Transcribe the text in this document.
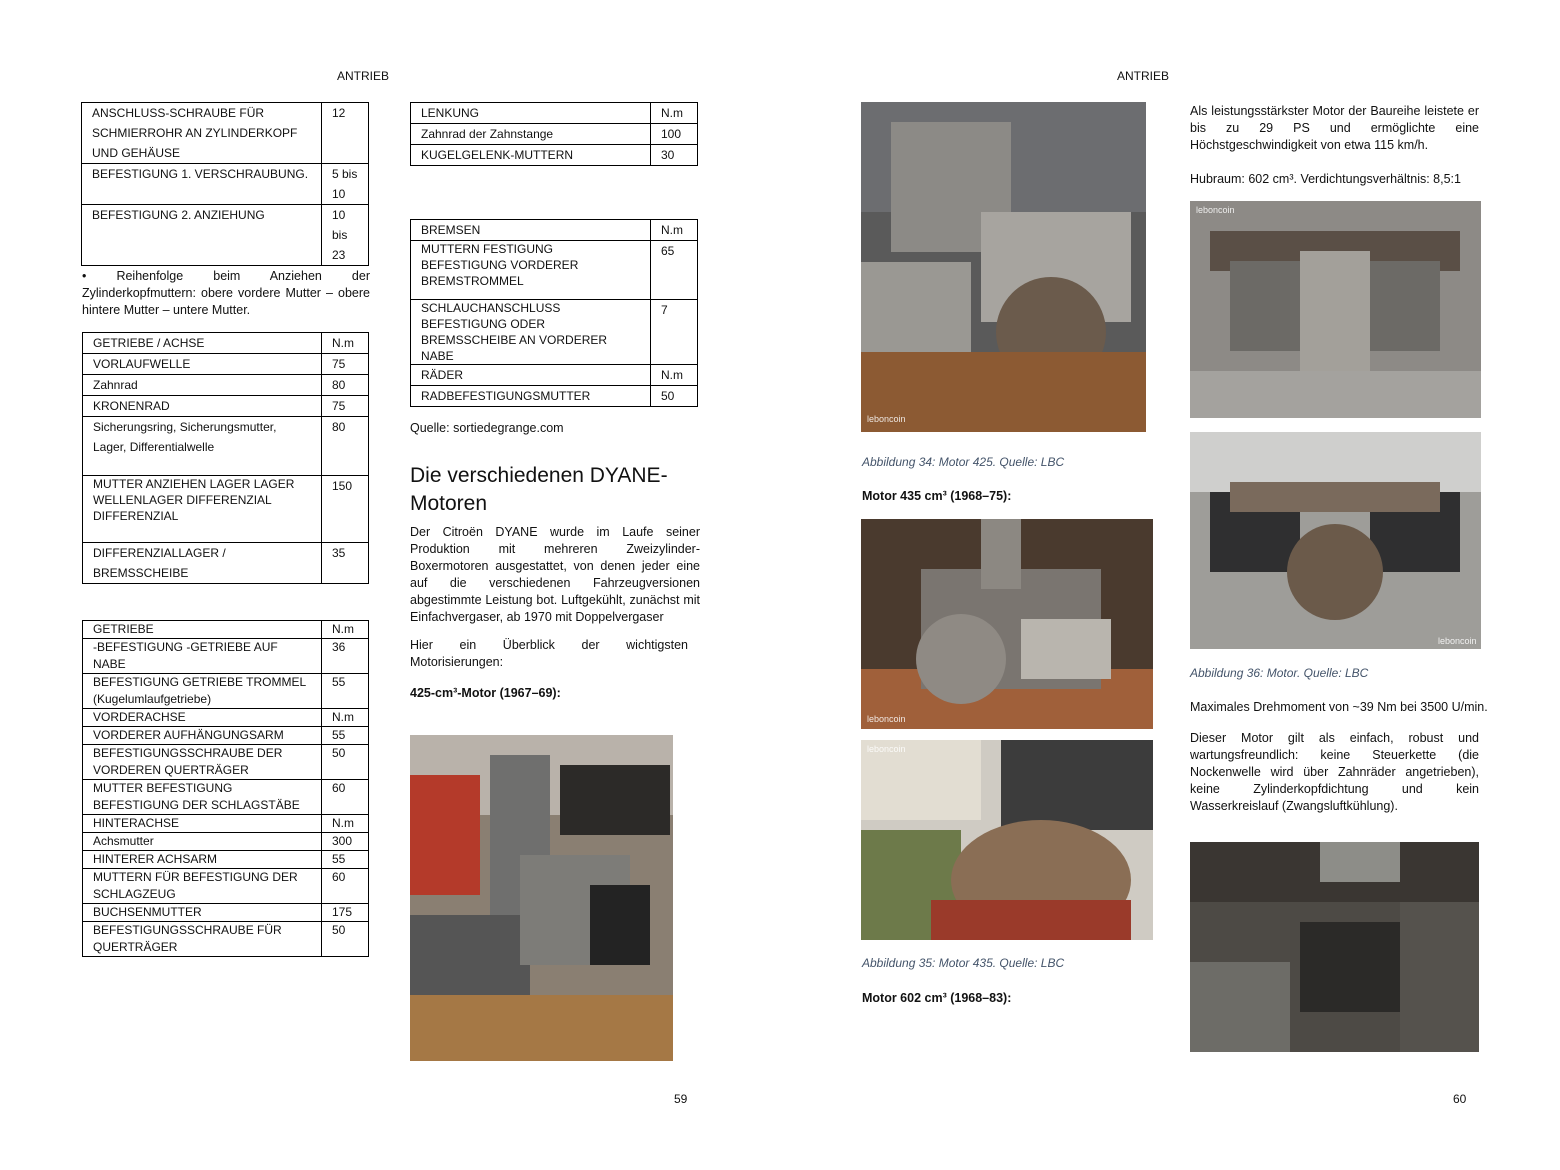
ANTRIEB	ANTRIEB
59	60
ANSCHLUSS-SCHRAUBE FÜR SCHMIERROHR AN ZYLINDERKOPF UND GEHÄUSE	12
BEFESTIGUNG 1. VERSCHRAUBUNG.	5 bis 10
BEFESTIGUNG 2. ANZIEHUNG	10 bis 23
• Reihenfolge beim Anziehen der Zylinderkopfmuttern: obere vordere Mutter – obere hintere Mutter – untere Mutter.
GETRIEBE / ACHSE	N.m
VORLAUFWELLE	75
Zahnrad	80
KRONENRAD	75
Sicherungsring, Sicherungsmutter, Lager, Differentialwelle	80
MUTTER ANZIEHEN LAGER LAGER WELLENLAGER DIFFERENZIAL DIFFERENZIAL	150
DIFFERENZIALLAGER / BREMSSCHEIBE	35
GETRIEBE	N.m
-BEFESTIGUNG -GETRIEBE AUF NABE	36
BEFESTIGUNG GETRIEBE TROMMEL (Kugelumlaufgetriebe)	55
VORDERACHSE	N.m
VORDERER AUFHÄNGUNGSARM	55
BEFESTIGUNGSSCHRAUBE DER VORDEREN QUERTRÄGER	50
MUTTER BEFESTIGUNG BEFESTIGUNG DER SCHLAGSTÄBE	60
HINTERACHSE	N.m
Achsmutter	300
HINTERER ACHSARM	55
MUTTERN FÜR BEFESTIGUNG DER SCHLAGZEUG	60
BUCHSENMUTTER	175
BEFESTIGUNGSSCHRAUBE FÜR QUERTRÄGER	50
LENKUNG	N.m
Zahnrad der Zahnstange	100
KUGELGELENK-MUTTERN	30
BREMSEN	N.m
MUTTERN FESTIGUNG BEFESTIGUNG VORDERER BREMSTROMMEL	65
SCHLAUCHANSCHLUSS BEFESTIGUNG ODER BREMSSCHEIBE AN VORDERER NABE	7
RÄDER	N.m
RADBEFESTIGUNGSMUTTER	50
Quelle: sortiedegrange.com
Die verschiedenen DYANE-Motoren
Der Citroën DYANE wurde im Laufe seiner Produktion mit mehreren Zweizylinder-Boxermotoren ausgestattet, von denen jeder eine auf die verschiedenen Fahrzeugversionen abgestimmte Leistung bot. Luftgekühlt, zunächst mit Einfachvergaser, ab 1970 mit Doppelvergaser
Hier ein Überblick der wichtigsten Motorisierungen:
425-cm³-Motor (1967–69):
leboncoin
Abbildung 34: Motor 425. Quelle: LBC
Motor 435 cm³ (1968–75):
leboncoin
leboncoin
Abbildung 35: Motor 435. Quelle: LBC
Motor 602 cm³ (1968–83):
Als leistungsstärkster Motor der Baureihe leistete er bis zu 29 PS und ermöglichte eine Höchstgeschwindigkeit von etwa 115 km/h.
Hubraum: 602 cm³. Verdichtungsverhältnis: 8,5:1
leboncoin
leboncoin
Abbildung 36: Motor. Quelle: LBC
Maximales Drehmoment von ~39 Nm bei 3500 U/min.
Dieser Motor gilt als einfach, robust und wartungsfreundlich: keine Steuerkette (die Nockenwelle wird über Zahnräder angetrieben), keine Zylinderkopfdichtung und kein Wasserkreislauf (Zwangsluftkühlung).
